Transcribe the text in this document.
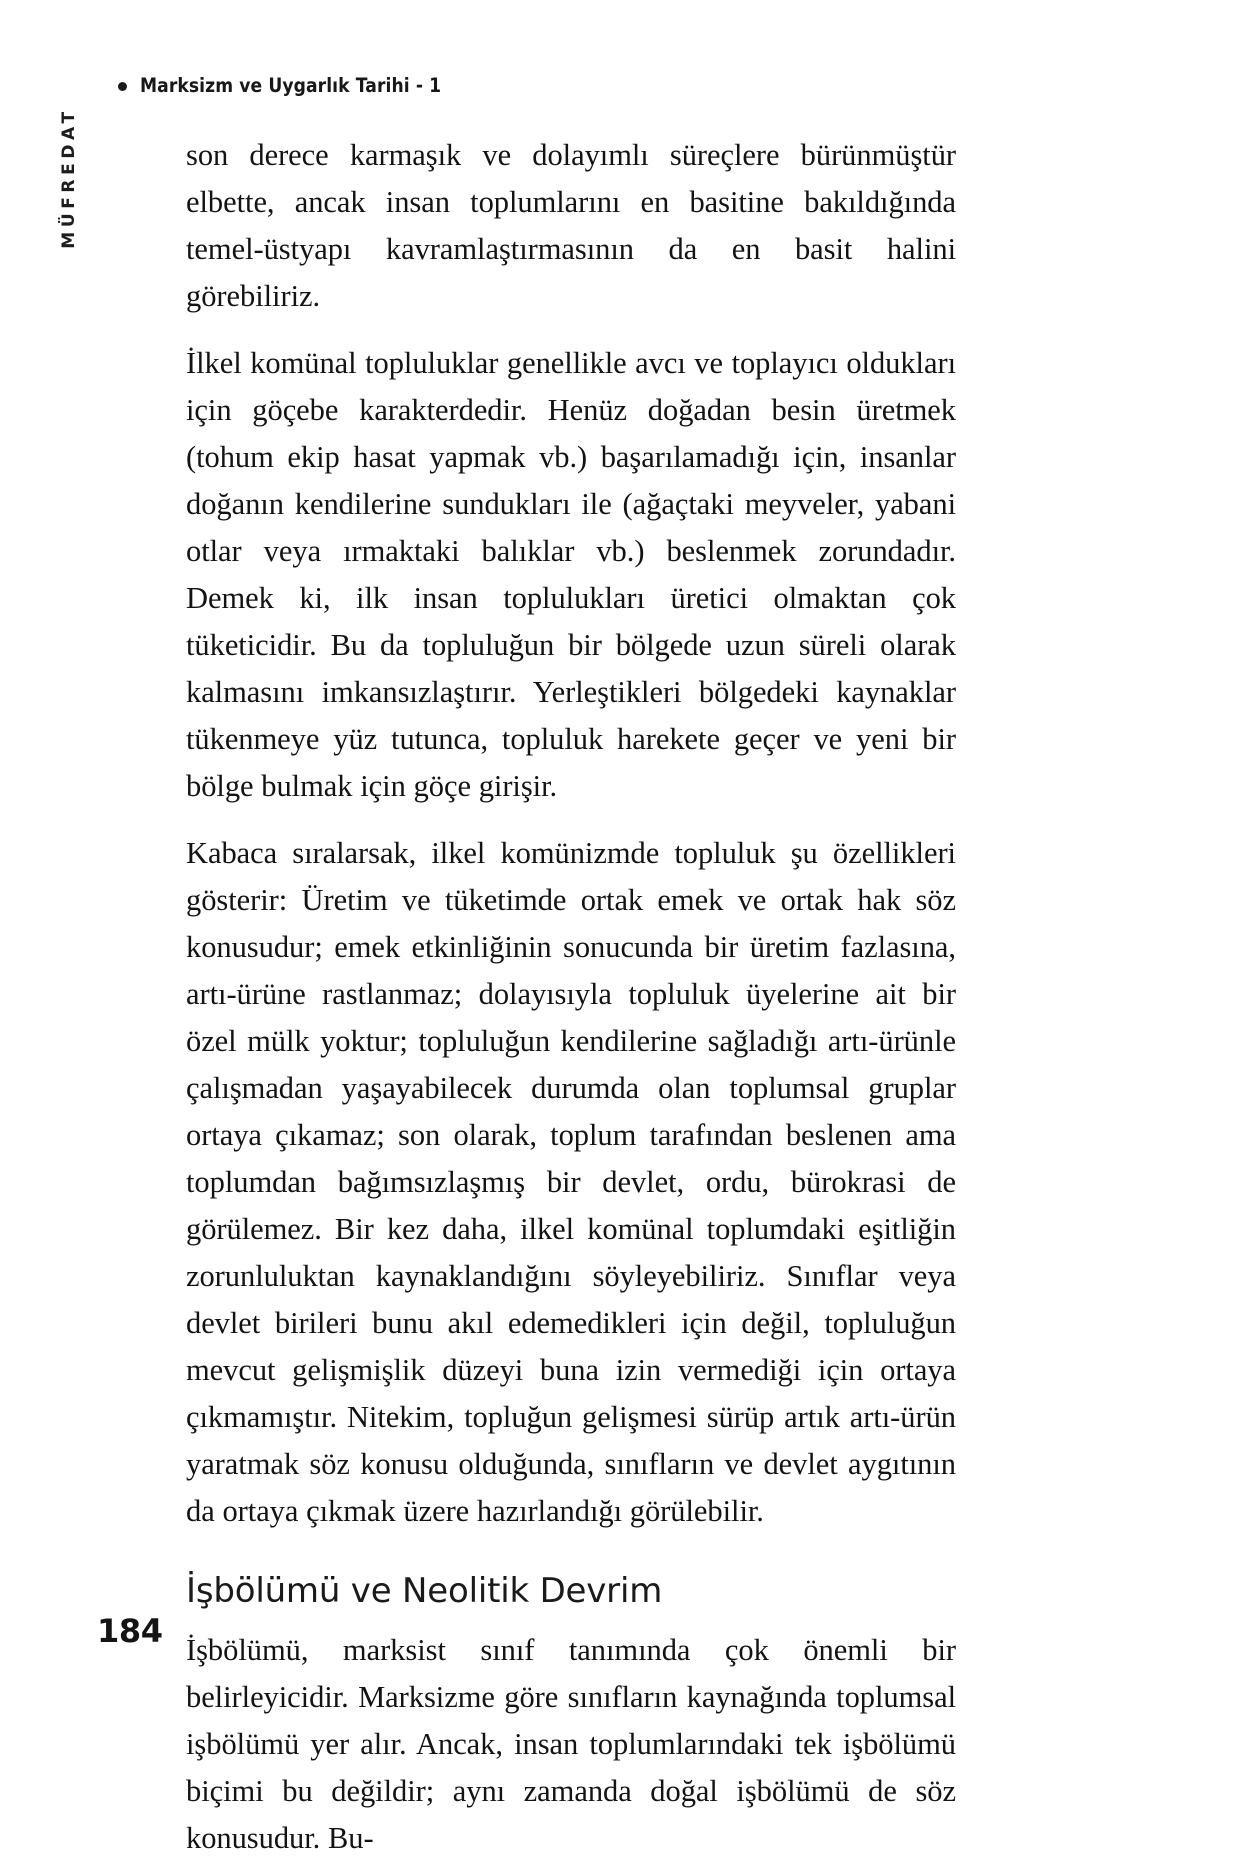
Marksizm ve Uygarlık Tarihi - 1
MÜFREDAT	son derece karmaşık ve dolayımlı süreçlere bürünmüştür elbette, ancak insan toplumlarını en basitine bakıldığında temel-üstyapı kavramlaştırmasının da en basit halini görebiliriz.

İlkel komünal topluluklar genellikle avcı ve toplayıcı oldukları için göçebe karakterdedir. Henüz doğadan besin üretmek (tohum ekip hasat yapmak vb.) başarılamadığı için, insanlar doğanın kendilerine sundukları ile (ağaçtaki meyveler, yabani otlar veya ırmaktaki balıklar vb.) beslenmek zorundadır. Demek ki, ilk insan toplulukları üretici olmaktan çok tüketicidir. Bu da topluluğun bir bölgede uzun süreli olarak kalmasını imkansızlaştırır. Yerleştikleri bölgedeki kaynaklar tükenmeye yüz tutunca, topluluk harekete geçer ve yeni bir bölge bulmak için göçe girişir.

Kabaca sıralarsak, ilkel komünizmde topluluk şu özellikleri gösterir: Üretim ve tüketimde ortak emek ve ortak hak söz konusudur; emek etkinliğinin sonucunda bir üretim fazlasına, artı-ürüne rastlanmaz; dolayısıyla topluluk üyelerine ait bir özel mülk yoktur; topluluğun kendilerine sağladığı artı-ürünle çalışmadan yaşayabilecek durumda olan toplumsal gruplar ortaya çıkamaz; son olarak, toplum tarafından beslenen ama toplumdan bağımsızlaşmış bir devlet, ordu, bürokrasi de görülemez. Bir kez daha, ilkel komünal toplumdaki eşitliğin zorunluluktan kaynaklandığını söyleyebiliriz. Sınıflar veya devlet birileri bunu akıl edemedikleri için değil, topluluğun mevcut gelişmişlik düzeyi buna izin vermediği için ortaya çıkmamıştır. Nitekim, topluğun gelişmesi sürüp artık artı-ürün yaratmak söz konusu olduğunda, sınıfların ve devlet aygıtının da ortaya çıkmak üzere hazırlandığı görülebilir.

İşbölümü ve Neolitik Devrim

İşbölümü, marksist sınıf tanımında çok önemli bir belirleyicidir. Marksizme göre sınıfların kaynağında toplumsal işbölümü yer alır. Ancak, insan toplumlarındaki tek işbölümü biçimi bu değildir; aynı zamanda doğal işbölümü de söz konusudur. Bu-

184
